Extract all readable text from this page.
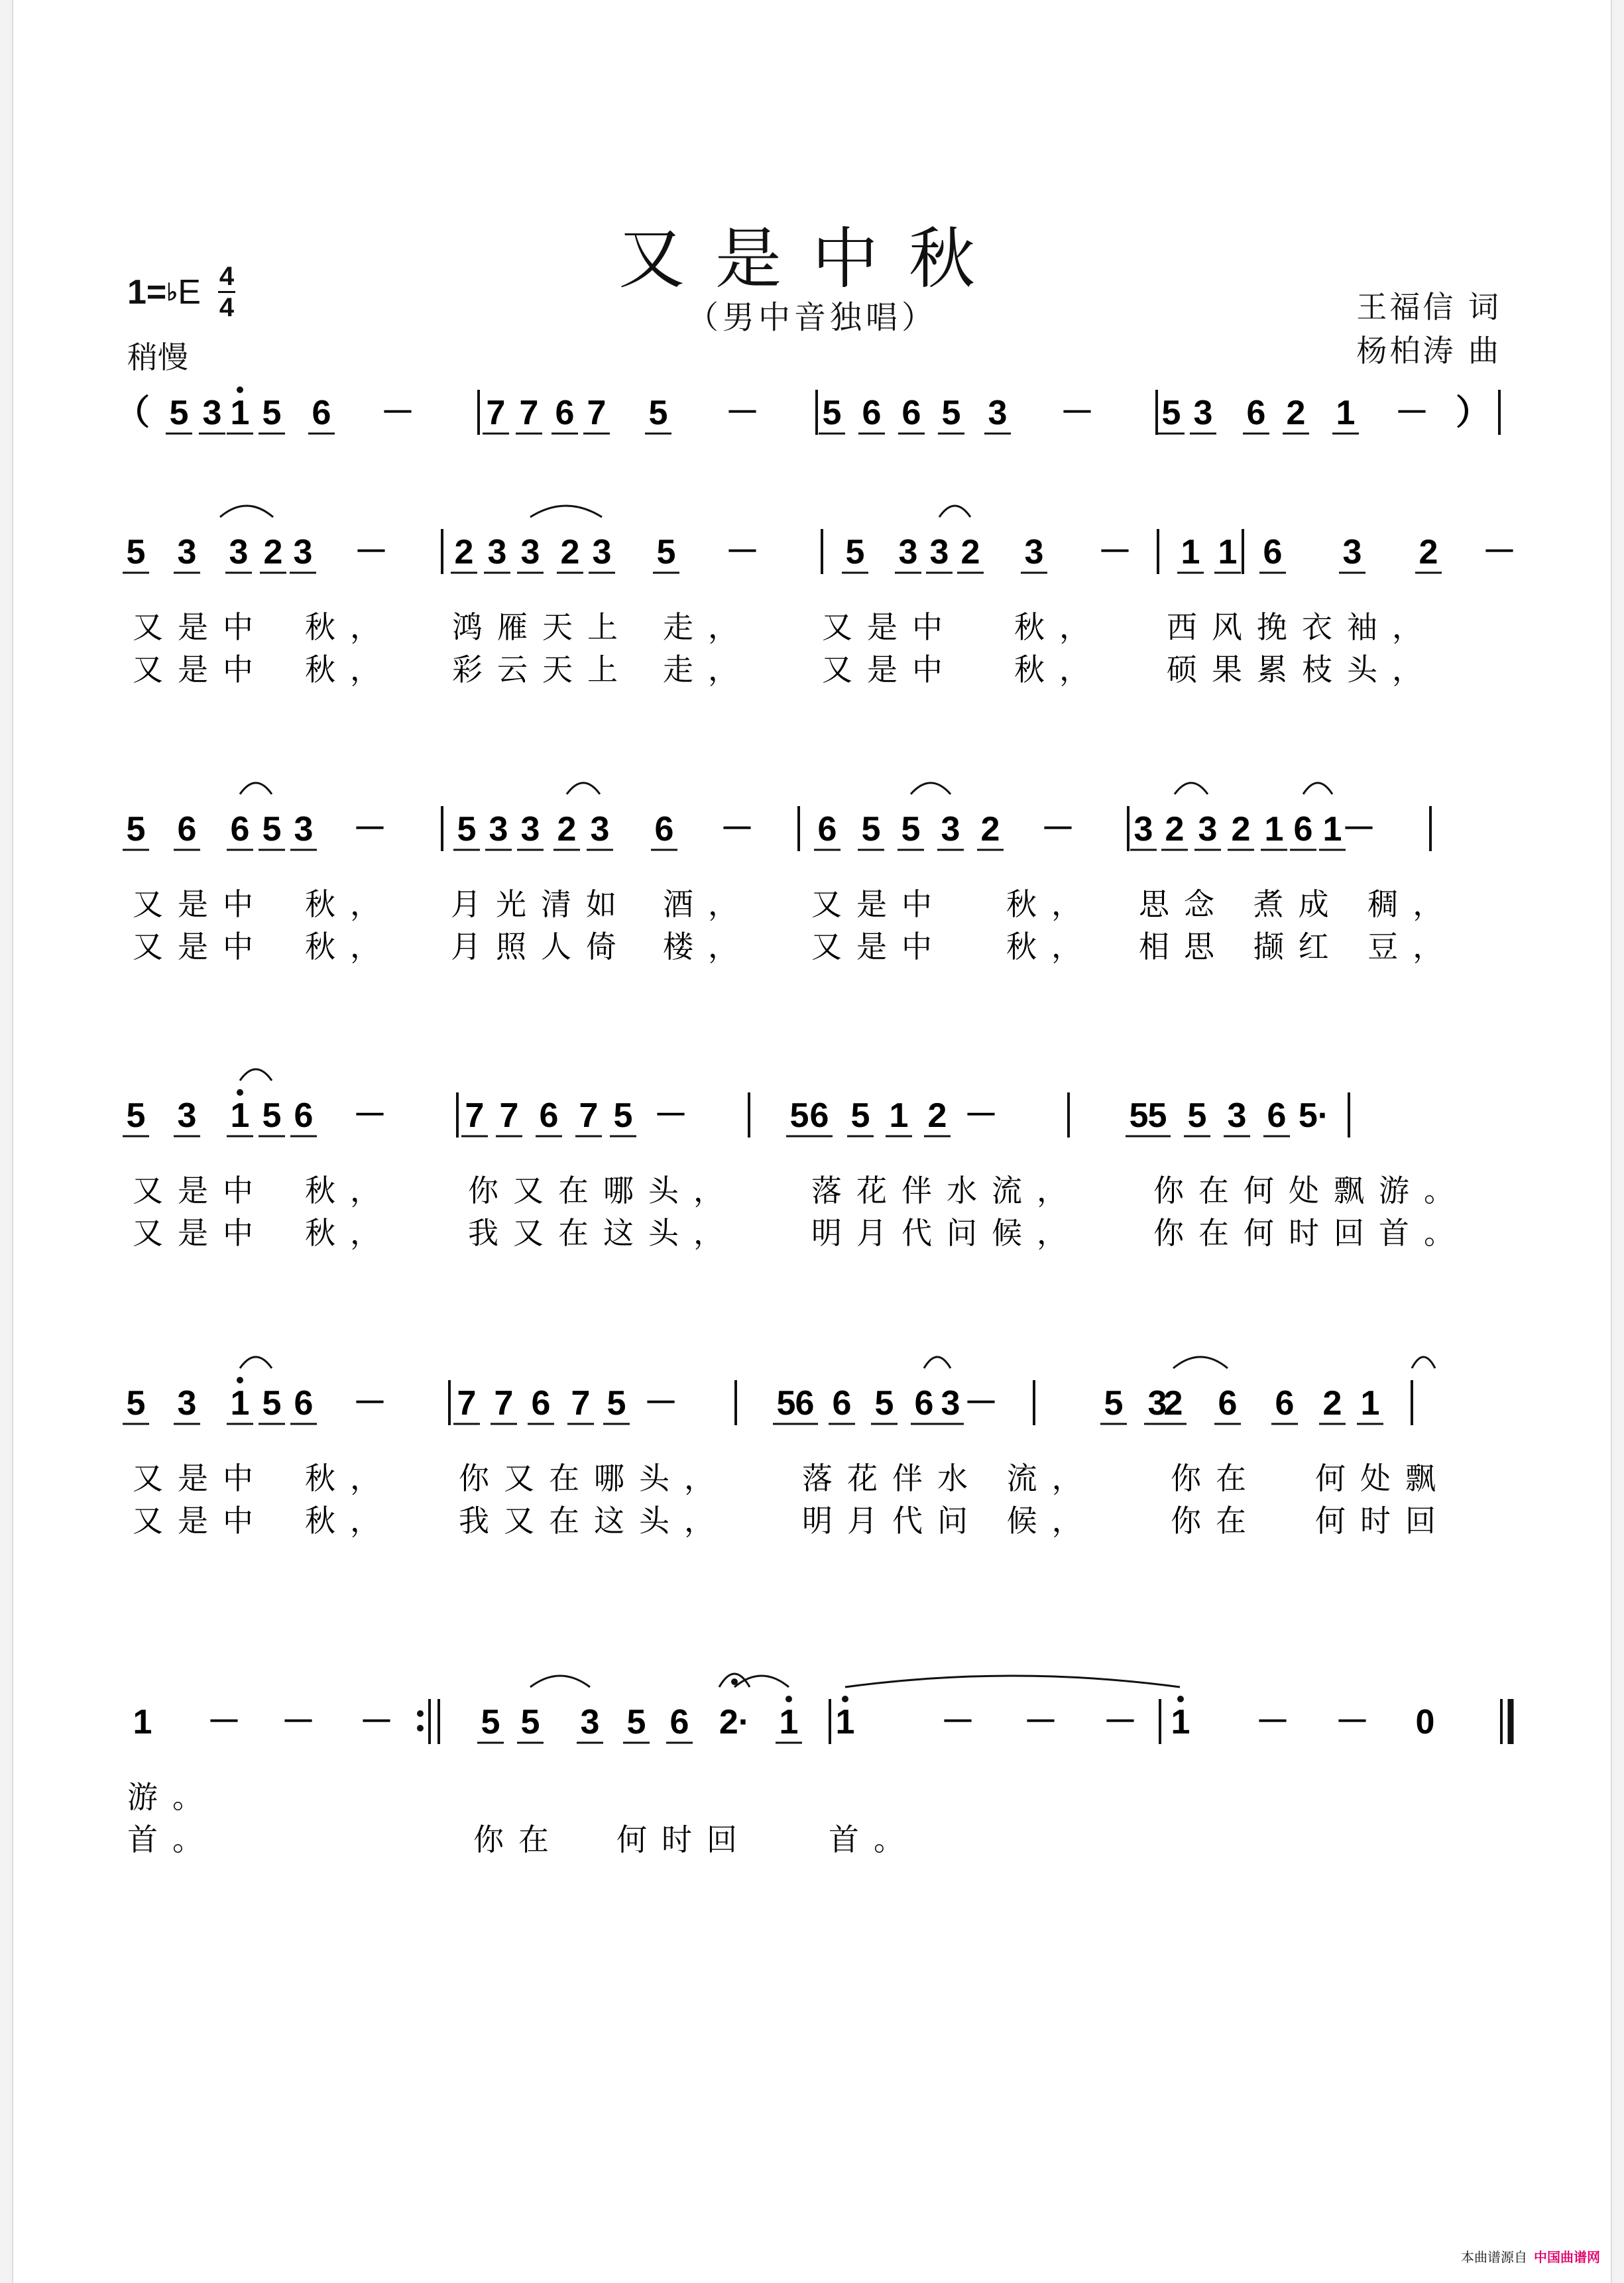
又是中秋
（男中音独唱）
1= ♭ E 4
4
稍慢
王福信 词
杨柏涛 曲
（ 5 3 1 5 6 － 7 7 6 7 5 － 5 6 6 5 3 － 5 3 6 2 1 － ）
5 3 3 2 3 － 2 3 3 2 3 5 － 5 3 3 2 3 － 1 1 6 3 2 －
又是中 秋， 鸿雁天上 走， 又是中 秋， 西风挽衣袖，
又是中 秋， 彩云天上 走， 又是中 秋， 硕果累枝头，
5 6 6 5 3 － 5 3 3 2 3 6 － 6 5 5 3 2 － 3 2 3 2 1 6 1 －
又是中 秋， 月光清如 酒， 又是中 秋， 思念 煮成 稠，
又是中 秋， 月照人倚 楼， 又是中 秋， 相思 撷红 豆，
5 3 1 5 6 － 7 7 6 7 5 －	5 6 5 1 2 －	5 5 5 3 6 5·
又是中 秋， 你又在哪头， 落花伴水流， 你在何处飘游。
又是中 秋， 我又在这头， 明月代问候， 你在何时回首。
5 3 1 5 6 － 7 7 6 7 5 －	5 6 6 5 6 3 －	5 3
2 6 6 2 1
又是中 秋， 你又在哪头， 落花伴水 流， 你在 何处飘
又是中 秋， 我又在这头， 明月代问 候， 你在 何时回
1 － － －	5 5 3 5 6 2· 1 1 － － － 1 － － 0
游。
首。	你在 何时回	首。
本曲谱源自 中国曲谱网
